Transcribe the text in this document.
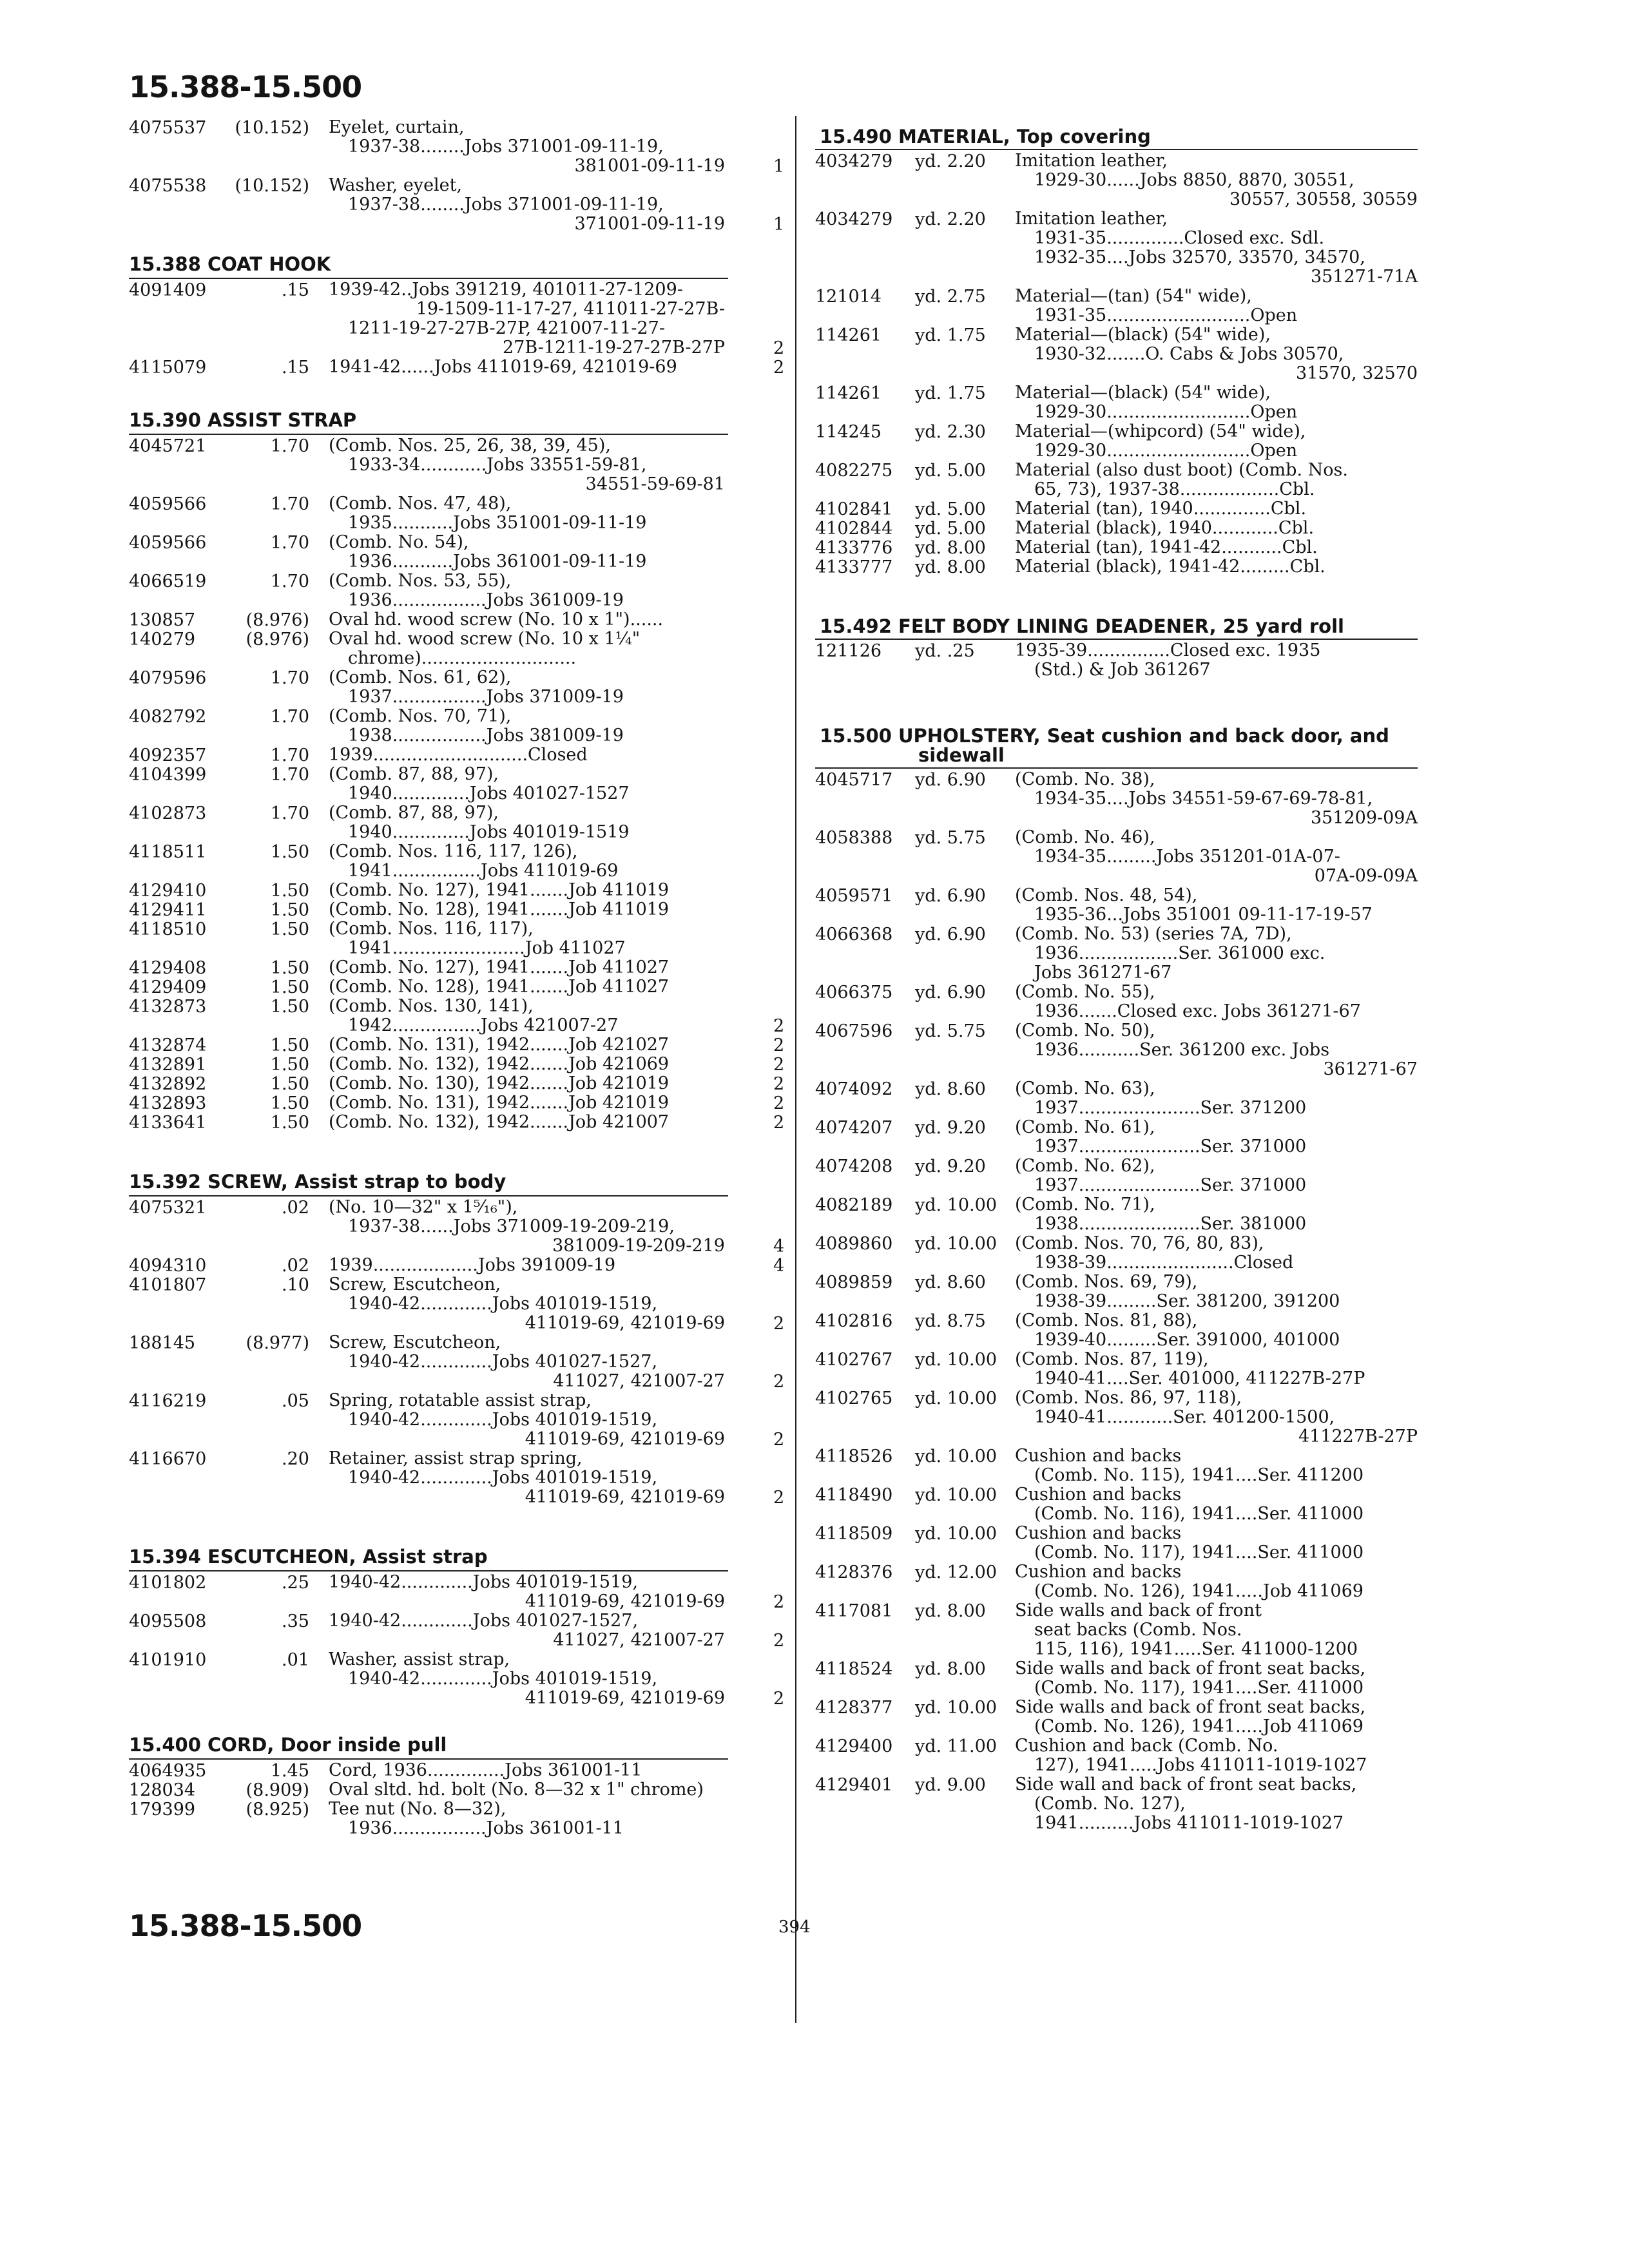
15.388-15.500
4075537	(10.152) Eyelet, curtain,
1937-38........Jobs 371001-09-11-19,
381001-09-11-19	1
4075538	(10.152) Washer, eyelet,
1937-38........Jobs 371001-09-11-19,
371001-09-11-19	1
15.388 COAT HOOK
4091409	.15 1939-42..Jobs 391219, 401011-27-1209-
19-1509-11-17-27, 411011-27-27B-
1211-19-27-27B-27P, 421007-11-27-
27B-1211-19-27-27B-27P	2
4115079	.15 1941-42......Jobs 411019-69, 421019-69	2
15.390 ASSIST STRAP
4045721	1.70 (Comb. Nos. 25, 26, 38, 39, 45),
1933-34............Jobs 33551-59-81,
34551-59-69-81
4059566	1.70 (Comb. Nos. 47, 48),
1935...........Jobs 351001-09-11-19
4059566	1.70 (Comb. No. 54),
1936...........Jobs 361001-09-11-19
4066519	1.70 (Comb. Nos. 53, 55),
1936.................Jobs 361009-19
130857	(8.976) Oval hd. wood screw (No. 10 x 1")......
140279	(8.976) Oval hd. wood screw (No. 10 x 1¼"
chrome)............................
4079596	1.70 (Comb. Nos. 61, 62),
1937.................Jobs 371009-19
4082792	1.70 (Comb. Nos. 70, 71),
1938.................Jobs 381009-19
4092357	1.70 1939............................Closed
4104399	1.70 (Comb. 87, 88, 97),
1940..............Jobs 401027-1527
4102873	1.70 (Comb. 87, 88, 97),
1940..............Jobs 401019-1519
4118511	1.50 (Comb. Nos. 116, 117, 126),
1941................Jobs 411019-69
4129410	1.50 (Comb. No. 127), 1941.......Job 411019
4129411	1.50 (Comb. No. 128), 1941.......Job 411019
4118510	1.50 (Comb. Nos. 116, 117),
1941........................Job 411027
4129408	1.50 (Comb. No. 127), 1941.......Job 411027
4129409	1.50 (Comb. No. 128), 1941.......Job 411027
4132873	1.50 (Comb. Nos. 130, 141),
1942................Jobs 421007-27	2
4132874	1.50 (Comb. No. 131), 1942.......Job 421027	2
4132891	1.50 (Comb. No. 132), 1942.......Job 421069	2
4132892	1.50 (Comb. No. 130), 1942.......Job 421019	2
4132893	1.50 (Comb. No. 131), 1942.......Job 421019	2
4133641	1.50 (Comb. No. 132), 1942.......Job 421007	2
15.392 SCREW, Assist strap to body
4075321	.02 (No. 10—32" x 1⁵⁄₁₆"),
1937-38......Jobs 371009-19-209-219,
381009-19-209-219	4
4094310	.02 1939...................Jobs 391009-19	4
4101807	.10 Screw, Escutcheon,
1940-42.............Jobs 401019-1519,
411019-69, 421019-69	2
188145	(8.977) Screw, Escutcheon,
1940-42.............Jobs 401027-1527,
411027, 421007-27	2
4116219	.05 Spring, rotatable assist strap,
1940-42.............Jobs 401019-1519,
411019-69, 421019-69	2
4116670	.20 Retainer, assist strap spring,
1940-42.............Jobs 401019-1519,
411019-69, 421019-69	2
15.394 ESCUTCHEON, Assist strap
4101802	.25 1940-42.............Jobs 401019-1519,
411019-69, 421019-69	2
4095508	.35 1940-42.............Jobs 401027-1527,
411027, 421007-27	2
4101910	.01 Washer, assist strap,
1940-42.............Jobs 401019-1519,
411019-69, 421019-69	2
15.400 CORD, Door inside pull
4064935	1.45 Cord, 1936..............Jobs 361001-11
128034	(8.909) Oval sltd. hd. bolt (No. 8—32 x 1" chrome)
179399	(8.925) Tee nut (No. 8—32),
1936.................Jobs 361001-11
15.490 MATERIAL, Top covering
4034279 yd. 2.20 Imitation leather,
1929-30......Jobs 8850, 8870, 30551,
30557, 30558, 30559
4034279 yd. 2.20 Imitation leather,
1931-35..............Closed exc. Sdl.
1932-35....Jobs 32570, 33570, 34570,
351271-71A
121014 yd. 2.75 Material—(tan) (54" wide),
1931-35..........................Open
114261 yd. 1.75 Material—(black) (54" wide),
1930-32.......O. Cabs & Jobs 30570,
31570, 32570
114261 yd. 1.75 Material—(black) (54" wide),
1929-30..........................Open
114245 yd. 2.30 Material—(whipcord) (54" wide),
1929-30..........................Open
4082275 yd. 5.00 Material (also dust boot) (Comb. Nos.
65, 73), 1937-38..................Cbl.
4102841 yd. 5.00 Material (tan), 1940..............Cbl.
4102844 yd. 5.00 Material (black), 1940............Cbl.
4133776 yd. 8.00 Material (tan), 1941-42...........Cbl.
4133777 yd. 8.00 Material (black), 1941-42.........Cbl.
15.492 FELT BODY LINING DEADENER, 25 yard roll
121126 yd. .25 1935-39...............Closed exc. 1935
(Std.) & Job 361267
15.500 UPHOLSTERY, Seat cushion and back door, and
sidewall
4045717 yd. 6.90 (Comb. No. 38),
1934-35....Jobs 34551-59-67-69-78-81,
351209-09A
4058388 yd. 5.75 (Comb. No. 46),
1934-35.........Jobs 351201-01A-07-
07A-09-09A
4059571 yd. 6.90 (Comb. Nos. 48, 54),
1935-36...Jobs 351001 09-11-17-19-57
4066368 yd. 6.90 (Comb. No. 53) (series 7A, 7D),
1936..................Ser. 361000 exc.
Jobs 361271-67
4066375 yd. 6.90 (Comb. No. 55),
1936.......Closed exc. Jobs 361271-67
4067596 yd. 5.75 (Comb. No. 50),
1936...........Ser. 361200 exc. Jobs
361271-67
4074092 yd. 8.60 (Comb. No. 63),
1937......................Ser. 371200
4074207 yd. 9.20 (Comb. No. 61),
1937......................Ser. 371000
4074208 yd. 9.20 (Comb. No. 62),
1937......................Ser. 371000
4082189 yd. 10.00 (Comb. No. 71),
1938......................Ser. 381000
4089860 yd. 10.00 (Comb. Nos. 70, 76, 80, 83),
1938-39.......................Closed
4089859 yd. 8.60 (Comb. Nos. 69, 79),
1938-39.........Ser. 381200, 391200
4102816 yd. 8.75 (Comb. Nos. 81, 88),
1939-40.........Ser. 391000, 401000
4102767 yd. 10.00 (Comb. Nos. 87, 119),
1940-41....Ser. 401000, 411227B-27P
4102765 yd. 10.00 (Comb. Nos. 86, 97, 118),
1940-41............Ser. 401200-1500,
411227B-27P
4118526 yd. 10.00 Cushion and backs
(Comb. No. 115), 1941....Ser. 411200
4118490 yd. 10.00 Cushion and backs
(Comb. No. 116), 1941....Ser. 411000
4118509 yd. 10.00 Cushion and backs
(Comb. No. 117), 1941....Ser. 411000
4128376 yd. 12.00 Cushion and backs
(Comb. No. 126), 1941.....Job 411069
4117081 yd. 8.00 Side walls and back of front
seat backs (Comb. Nos.
115, 116), 1941.....Ser. 411000-1200
4118524 yd. 8.00 Side walls and back of front seat backs,
(Comb. No. 117), 1941....Ser. 411000
4128377 yd. 10.00 Side walls and back of front seat backs,
(Comb. No. 126), 1941.....Job 411069
4129400 yd. 11.00 Cushion and back (Comb. No.
127), 1941.....Jobs 411011-1019-1027
4129401 yd. 9.00 Side wall and back of front seat backs,
(Comb. No. 127),
1941..........Jobs 411011-1019-1027
15.388-15.500	394
